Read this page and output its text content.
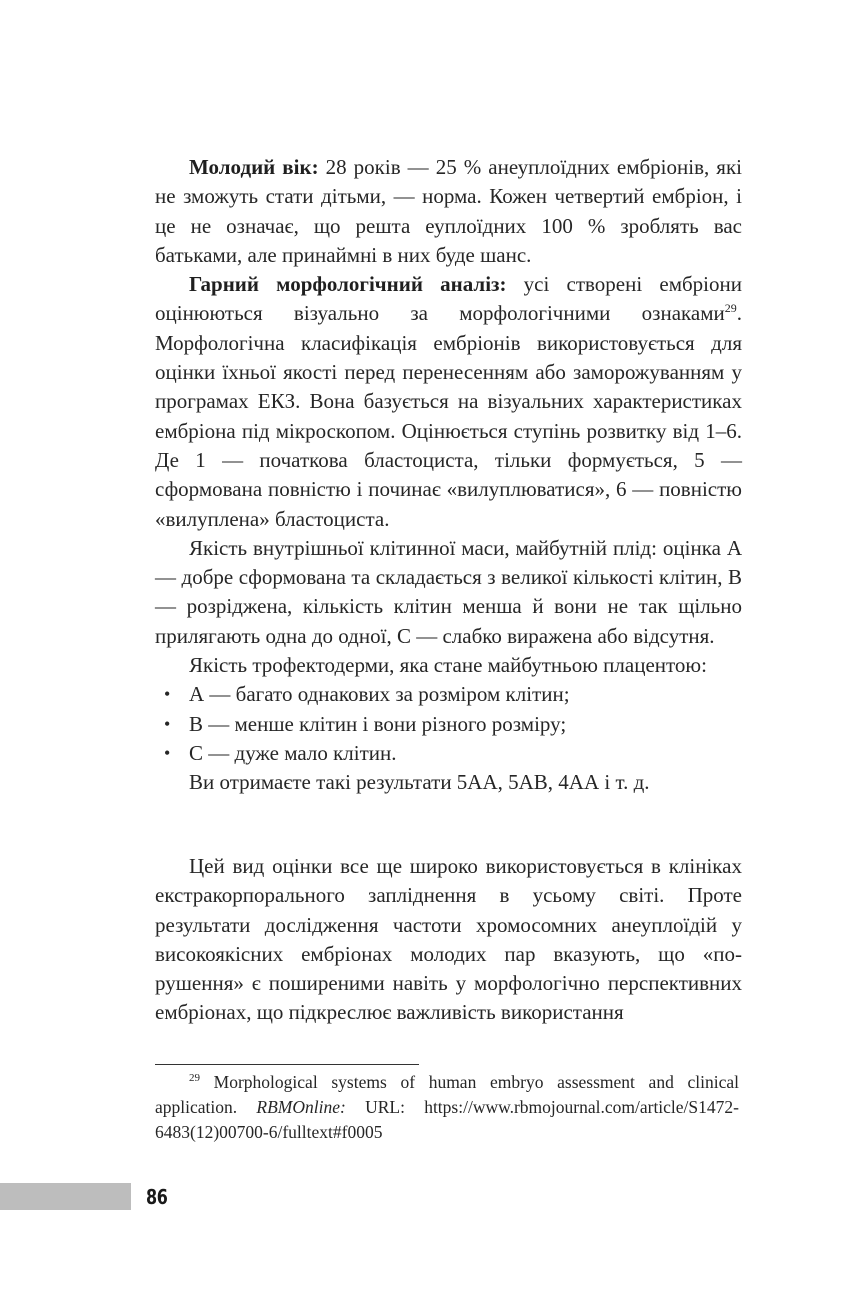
Молодий вік: 28 років — 25 % анеуплоїдних ембріонів, які не зможуть стати дітьми, — норма. Кожен четвертий ембріон, і це не означає, що решта еуплоїдних 100 % зроблять вас батьками, але принаймні в них буде шанс.

Гарний морфологічний аналіз: усі створені ембріони оцінюються візуально за морфологічними ознаками$^{29}$. Морфологічна класифікація ембріонів використовується для оцінки їхньої якості перед перенесенням або заморожуванням у програмах ЕКЗ. Вона базується на візуальних характеристиках ембріона під мікроскопом. Оцінюється ступінь розвитку від 1–6. Де 1 — початкова бластоциста, тільки формується, 5 — сформована повністю і починає «вилуплюватися», 6 — повністю «вилуплена» бластоциста.

Якість внутрішньої клітинної маси, майбутній плід: оцінка А — добре сформована та складається з великої кількості клітин, В — розріджена, кількість клітин менша й вони не так щільно прилягають одна до одної, С — слабко виражена або відсутня.

Якість трофектодерми, яка стане майбутньою плацентою:

• А — багато однакових за розміром клітин;
• В — менше клітин і вони різного розміру;
• С — дуже мало клітин.

Ви отримаєте такі результати 5АА, 5АВ, 4АА і т. д.

Цей вид оцінки все ще широко використовується в клініках екстракорпорального запліднення в усьому світі. Проте результати дослідження частоти хромосомних анеуплоїдій у високоякісних ембріонах молодих пар вказують, що «порушення» є поширеними навіть у морфологічно перспективних ембріонах, що підкреслює важливість використання

$^{29}$ Morphological systems of human embryo assessment and clinical application. RBMOnline: URL: https://www.rbmojournal.com/article/S1472-6483(12)00700-6/fulltext#f0005

86
